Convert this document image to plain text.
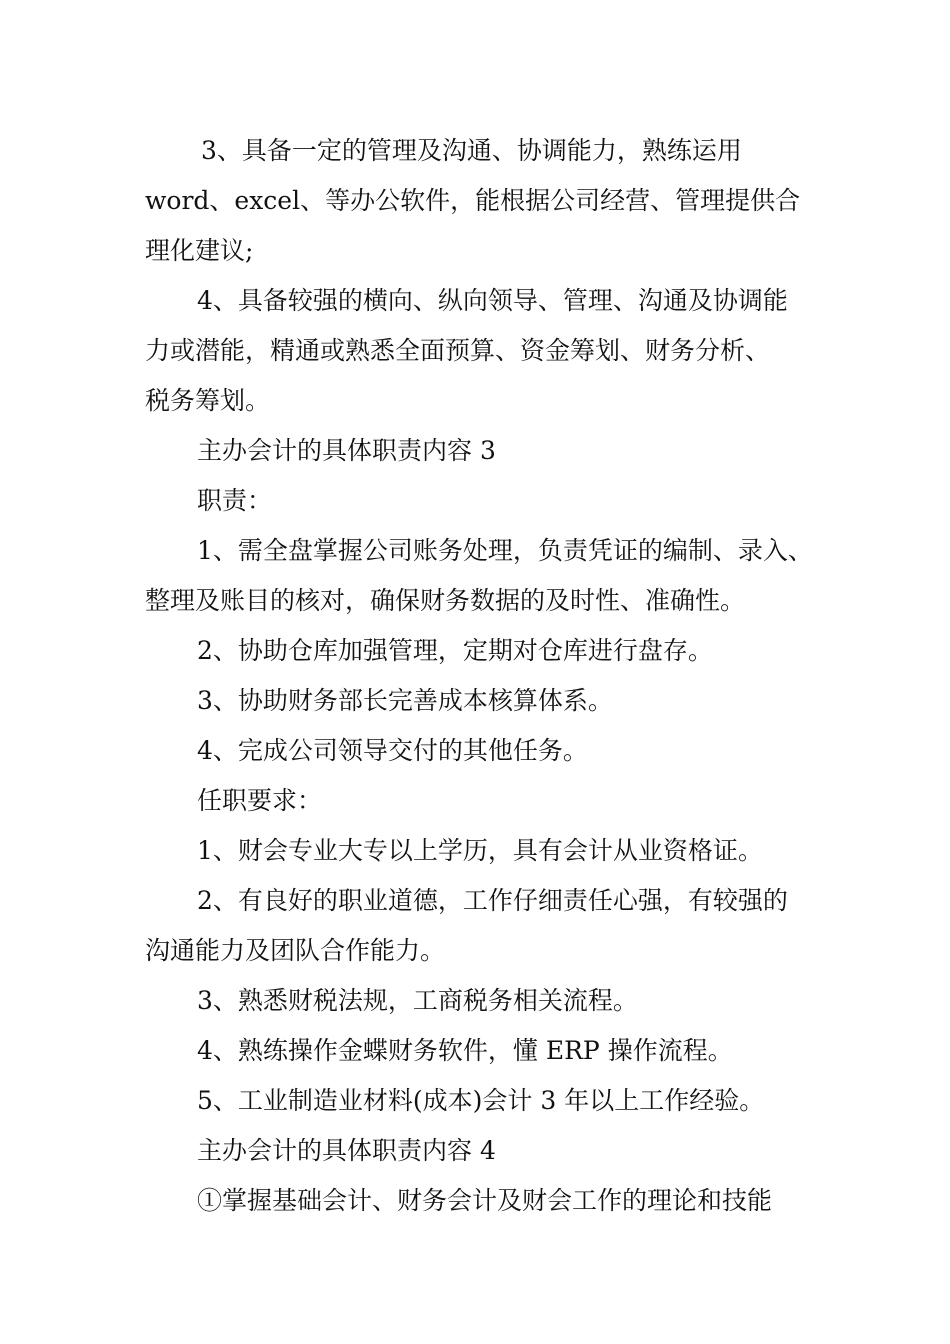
3、具备一定的管理及沟通、协调能力，熟练运用
word、excel、等办公软件，能根据公司经营、管理提供合
理化建议;
4、具备较强的横向、纵向领导、管理、沟通及协调能
力或潜能，精通或熟悉全面预算、资金筹划、财务分析、
税务筹划。
主办会计的具体职责内容 3
职责：
1、需全盘掌握公司账务处理，负责凭证的编制、录入、
整理及账目的核对，确保财务数据的及时性、准确性。
2、协助仓库加强管理，定期对仓库进行盘存。
3、协助财务部长完善成本核算体系。
4、完成公司领导交付的其他任务。
任职要求：
1、财会专业大专以上学历，具有会计从业资格证。
2、有良好的职业道德，工作仔细责任心强，有较强的
沟通能力及团队合作能力。
3、熟悉财税法规，工商税务相关流程。
4、熟练操作金蝶财务软件，懂 ERP 操作流程。
5、工业制造业材料(成本)会计 3 年以上工作经验。
主办会计的具体职责内容 4
①掌握基础会计、财务会计及财会工作的理论和技能
